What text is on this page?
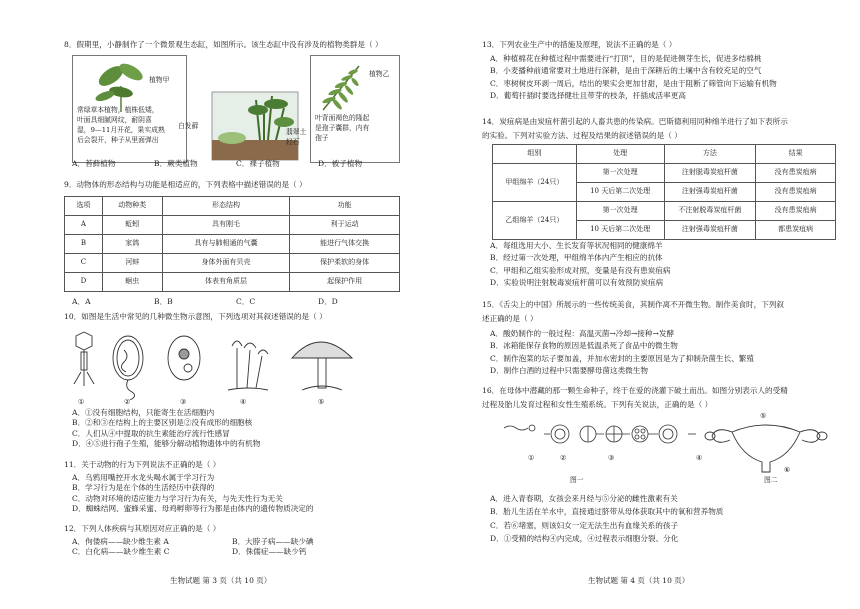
8．假期里，小静制作了一个微景观生态缸，如图所示。该生态缸中没有涉及的植物类群是（ ）
植物甲
常绿草本植物，植株低矮，
叶面具细腻网纹，耐阴喜
湿，9—11月开花，果实成熟
后会裂开，种子从里面弹出
白发藓
翡翠土
轻石
植物乙
叶背面褐色的隆起
是孢子囊群，内有
孢子
A．苔藓植物	B．蕨类植物	C．裸子植物	D．被子植物
9．动物体的形态结构与功能是相适应的，下列表格中描述错误的是（ ）
选项	动物种类	形态结构	功能
A	蚯蚓	具有刚毛	利于运动
B	家鸽	具有与肺相通的气囊	能进行气体交换
C	河蚌	身体外面有贝壳	保护柔软的身体
D	蛔虫	体表有角质层	起保护作用
A．A	B．B	C．C	D．D
10．如图是生活中常见的几种微生物示意图，下列选项对其叙述错误的是（ ）
①	②	③	④	⑤
A．①没有细胞结构，只能寄生在活细胞内
B．②和③在结构上的主要区别是②没有成形的细胞核
C．人们从④中提取的抗生素能治疗流行性感冒
D．④⑤进行孢子生殖，能够分解动植物遗体中的有机物
11．关于动物的行为下列说法不正确的是（ ）
A．乌鸦用嘴控开水龙头喝水属于学习行为
B．学习行为是在个体的生活经历中获得的
C．动物对环境的适应能力与学习行为有关，与先天性行为无关
D．蜘蛛结网、蜜蜂采蜜、母鸡孵卵等行为都是由体内的遗传物质决定的
12．下列人体疾病与其原因对应正确的是（ ）
A．佝偻病——缺少维生素 A	B．大脖子病——缺少碘
C．白化病——缺少维生素 C	D．侏儒症——缺少钙
生物试题 第 3 页（共 10 页）
13．下列农业生产中的措施及原理，说法不正确的是（ ）
A．种植棉花在种植过程中需要进行“打顶”，目的是促进侧芽生长，促进多结棉桃
B．小麦播种前通常要对土地进行深耕，是由于深耕后的土壤中含有较充足的空气
C．枣树树皮环剥一周后，结出的果实会更加甘甜，是由于阻断了筛管向下运输有机物
D．葡萄扦插时要选择健壮且带芽的枝条，扦插成活率更高
14．炭疽病是由炭疽杆菌引起的人畜共患的传染病。巴斯德利用同种绵羊进行了如下表所示
的实验。下列对实验方法、过程及结果的叙述错误的是（ ）
组别	处理	方法	结果
甲组绵羊（24只）	第一次处理	注射脱毒炭疽杆菌	没有患炭疽病
	10 天后第二次处理	注射强毒炭疽杆菌	没有患炭疽病
乙组绵羊（24只）	第一次处理	不注射脱毒炭疽杆菌	没有患炭疽病
	10 天后第二次处理	注射强毒炭疽杆菌	都患炭疽病
A．每组选用大小、生长发育等状况相同的健康绵羊
B．经过第一次处理，甲组绵羊体内产生相应的抗体
C．甲组和乙组实验形成对照，变量是有没有患炭疽病
D．实验说明注射脱毒炭疽杆菌可以有效预防炭疽病
15．《舌尖上的中国》所展示的一些传统美食，其制作离不开微生物。制作美食时，下列叙
述正确的是（ ）
A．酸奶制作的一般过程：高温灭菌→冷却→接种→发酵
B．冰箱能保存食物的原因是低温杀死了食品中的微生物
C．制作泡菜的坛子要加盖，并加水密封的主要原因是为了抑制杂菌生长、繁殖
D．制作白酒的过程中只需要酵母菌这类微生物
16．在母体中潜藏的那一颗生命种子，终于在爱的浇灌下破土而出。如图分别表示人的受精
过程及胎儿发育过程和女性生殖系统。下列有关说法，正确的是（ ）
①	②	③	④
⑤
⑥
图一	图二
A．进入青春期，女孩会来月经与⑤分泌的雌性激素有关
B．胎儿生活在羊水中，直接通过脐带从母体获取其中的氧和营养物质
C．若⑥堵塞，则该妇女一定无法生出有血缘关系的孩子
D．①受精的结构④内完成，④过程表示细胞分裂、分化
生物试题 第 4 页（共 10 页）
